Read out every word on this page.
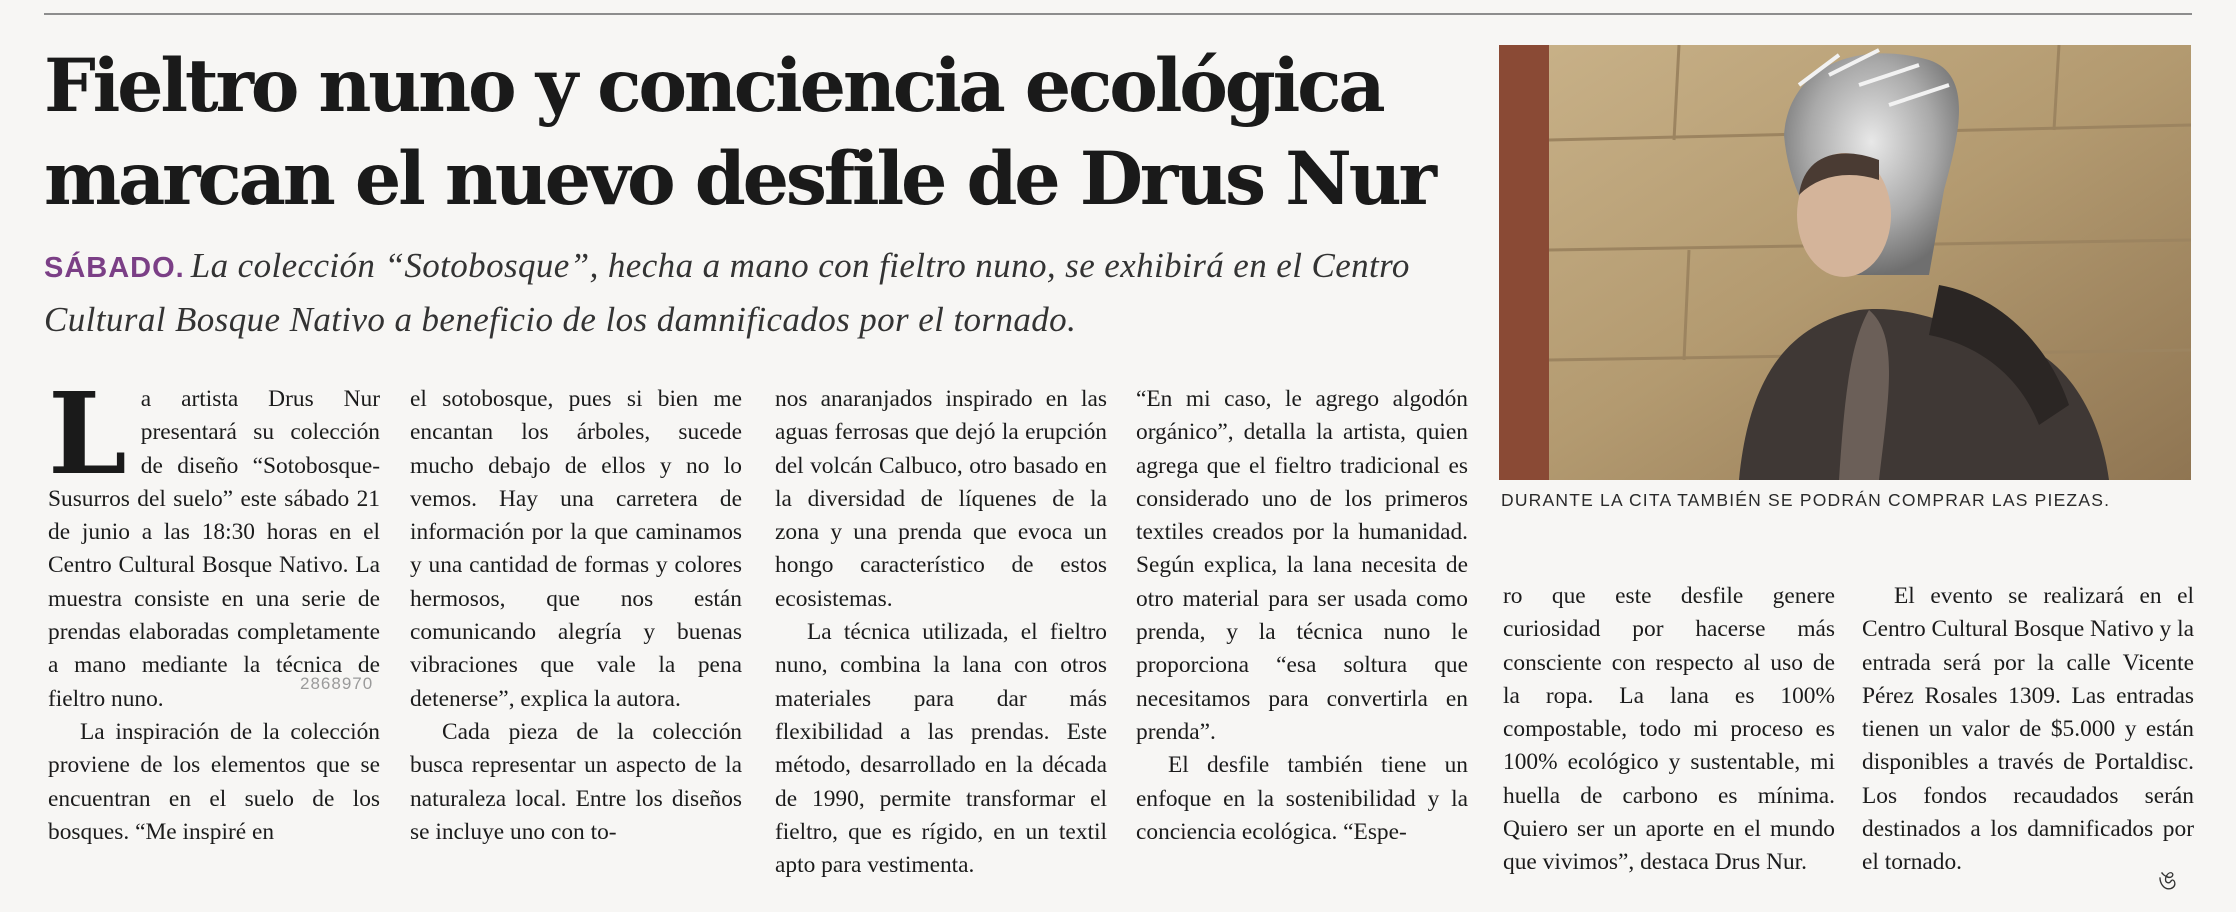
Fieltro nuno y conciencia ecológica
marcan el nuevo desfile de Drus Nur
SÁBADO. La colección “Sotobosque”, hecha a mano con fieltro nuno, se exhibirá en el Centro Cultural Bosque Nativo a beneficio de los damnificados por el tornado.
L a artista Drus Nur presentará su colección de diseño “Sotobosque- Susurros del suelo” este sábado 21 de junio a las 18:30 horas en el Centro Cultural Bosque Nativo. La muestra consiste en una serie de prendas elaboradas completamente a mano mediante la técnica de fieltro nuno.

La inspiración de la colección proviene de los elementos que se encuentran en el suelo de los bosques. “Me inspiré en

el sotobosque, pues si bien me encantan los árboles, sucede mucho debajo de ellos y no lo vemos. Hay una carretera de información por la que caminamos y una cantidad de formas y colores hermosos, que nos están comunicando alegría y buenas vibraciones que vale la pena detenerse”, explica la autora.

Cada pieza de la colección busca representar un aspecto de la naturaleza local. Entre los diseños se incluye uno con to-

nos anaranjados inspirado en las aguas ferrosas que dejó la erupción del volcán Calbuco, otro basado en la diversidad de líquenes de la zona y una prenda que evoca un hongo característico de estos ecosistemas.

La técnica utilizada, el fieltro nuno, combina la lana con otros materiales para dar más flexibilidad a las prendas. Este método, desarrollado en la década de 1990, permite transformar el fieltro, que es rígido, en un textil apto para vestimenta.

“En mi caso, le agrego algodón orgánico”, detalla la artista, quien agrega que el fieltro tradicional es considerado uno de los primeros textiles creados por la humanidad. Según explica, la lana necesita de otro material para ser usada como prenda, y la técnica nuno le proporciona “esa soltura que necesitamos para convertirla en prenda”.

El desfile también tiene un enfoque en la sostenibilidad y la conciencia ecológica. “Espe-

ro que este desfile genere curiosidad por hacerse más consciente con respecto al uso de la ropa. La lana es 100% compostable, todo mi proceso es 100% ecológico y sustentable, mi huella de carbono es mínima. Quiero ser un aporte en el mundo que vivimos”, destaca Drus Nur.

El evento se realizará en el Centro Cultural Bosque Nativo y la entrada será por la calle Vicente Pérez Rosales 1309. Las entradas tienen un valor de $5.000 y están disponibles a través de Portaldisc. Los fondos recaudados serán destinados a los damnificados por el tornado.

DURANTE LA CITA TAMBIÉN SE PODRÁN COMPRAR LAS PIEZAS.
2868970
ঙ
